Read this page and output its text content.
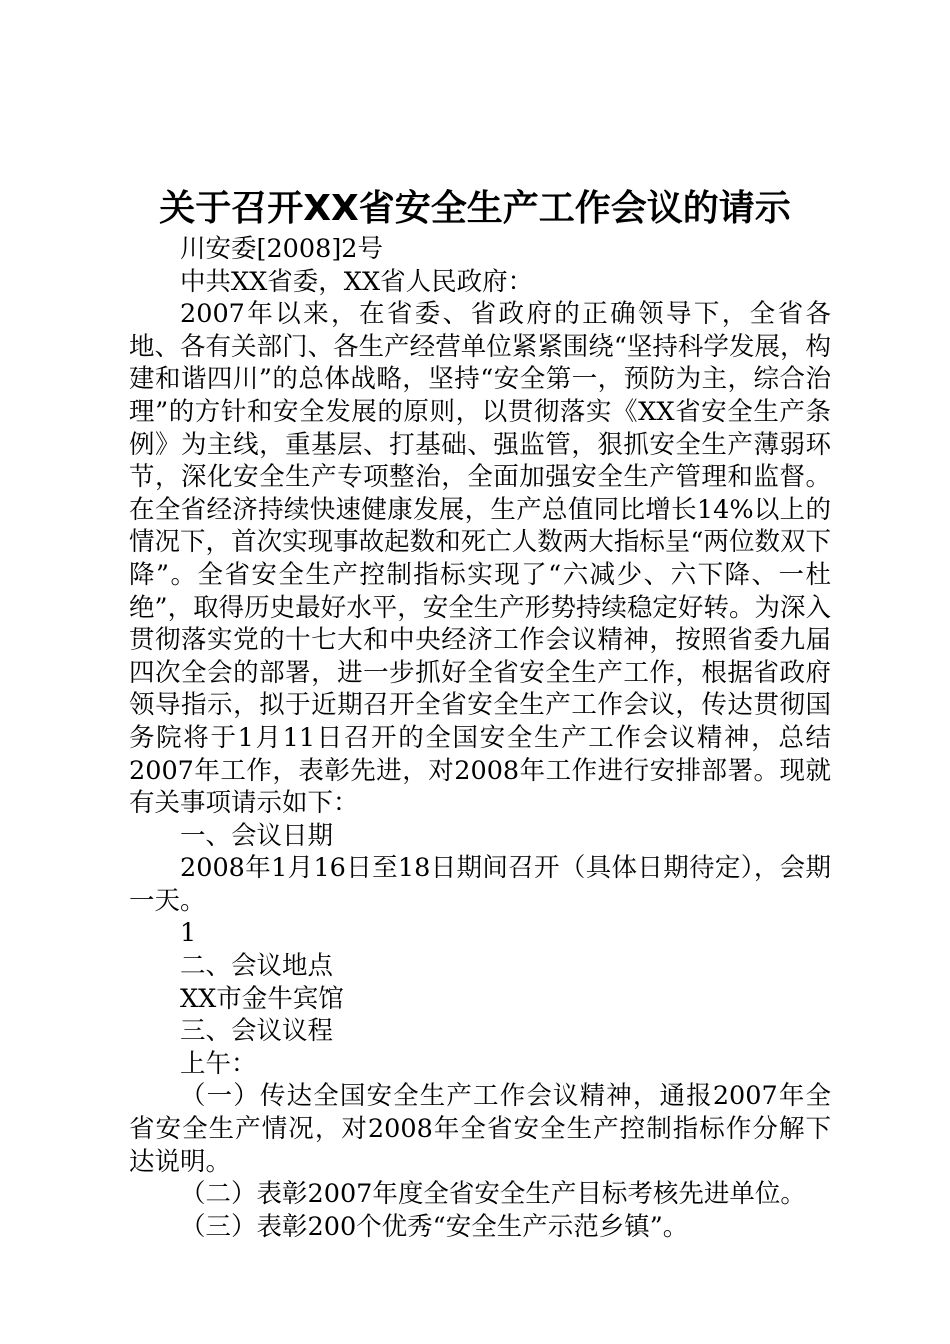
关于召开XX省安全生产工作会议的请示

川安委[2008]2号

中共XX省委，XX省人民政府：

2007年以来，在省委、省政府的正确领导下，全省各地、各有关部门、各生产经营单位紧紧围绕“坚持科学发展，构建和谐四川”的总体战略，坚持“安全第一，预防为主，综合治理”的方针和安全发展的原则，以贯彻落实《XX省安全生产条例》为主线，重基层、打基础、强监管，狠抓安全生产薄弱环节，深化安全生产专项整治，全面加强安全生产管理和监督。在全省经济持续快速健康发展，生产总值同比增长14%以上的情况下，首次实现事故起数和死亡人数两大指标呈“两位数双下降”。全省安全生产控制指标实现了“六减少、六下降、一杜绝”，取得历史最好水平，安全生产形势持续稳定好转。为深入贯彻落实党的十七大和中央经济工作会议精神，按照省委九届四次全会的部署，进一步抓好全省安全生产工作，根据省政府领导指示，拟于近期召开全省安全生产工作会议，传达贯彻国务院将于1月11日召开的全国安全生产工作会议精神，总结2007年工作，表彰先进，对2008年工作进行安排部署。现就有关事项请示如下：

一、会议日期

2008年1月16日至18日期间召开（具体日期待定），会期一天。

1

二、会议地点

XX市金牛宾馆

三、会议议程

上午：

（一）传达全国安全生产工作会议精神，通报2007年全省安全生产情况，对2008年全省安全生产控制指标作分解下达说明。

（二）表彰2007年度全省安全生产目标考核先进单位。

（三）表彰200个优秀“安全生产示范乡镇”。
